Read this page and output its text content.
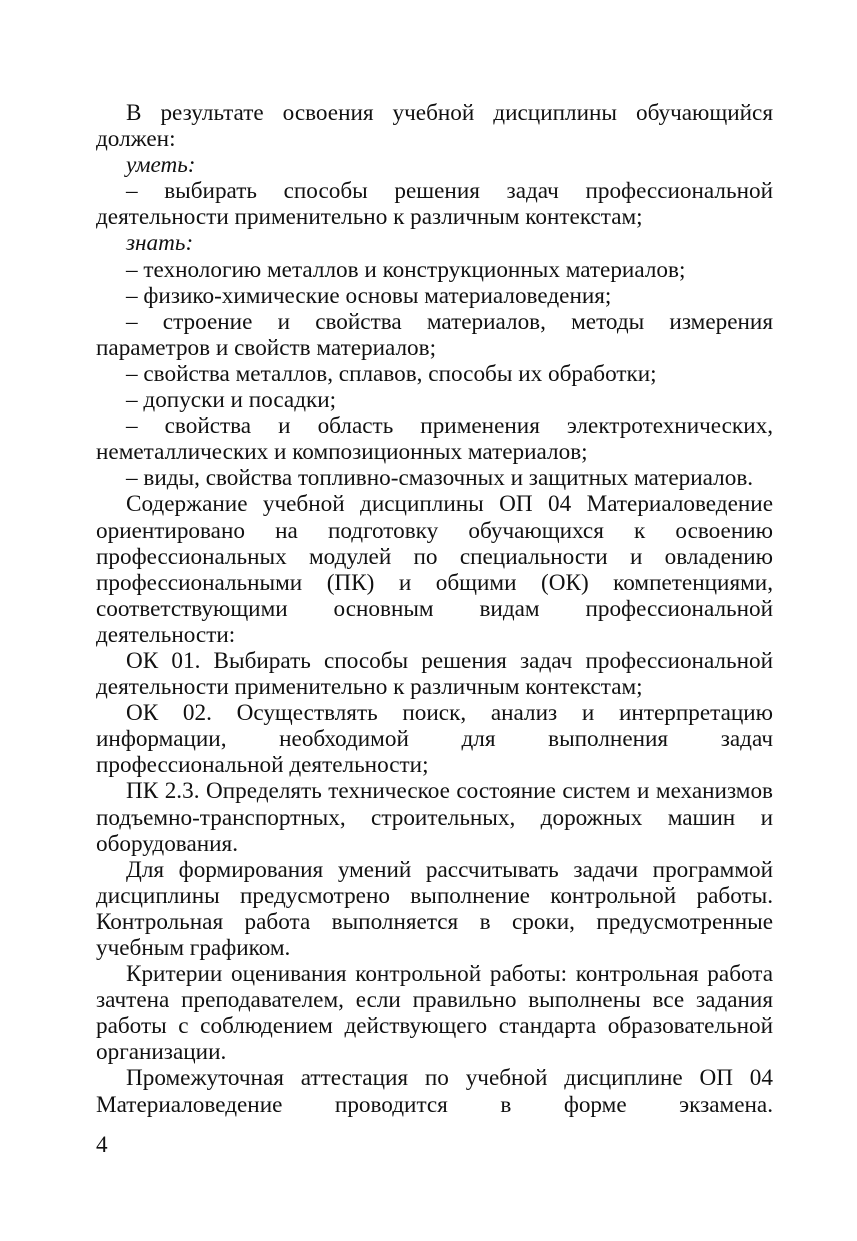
В результате освоения учебной дисциплины обучающийся должен:

уметь:

– выбирать способы решения задач профессиональной деятельности применительно к различным контекстам;

знать:

– технологию металлов и конструкционных материалов;

– физико-химические основы материаловедения;

– строение и свойства материалов, методы измерения параметров и свойств материалов;

– свойства металлов, сплавов, способы их обработки;

– допуски и посадки;

– свойства и область применения электротехнических, неметаллических и композиционных материалов;

– виды, свойства топливно-смазочных и защитных материалов.

Содержание учебной дисциплины ОП 04 Материаловедение ориентировано на подготовку обучающихся к освоению профессиональных модулей по специальности и овладению профессиональными (ПК) и общими (ОК) компетенциями, соответствующими основным видам профессиональной деятельности:

ОК 01. Выбирать способы решения задач профессиональной деятельности применительно к различным контекстам;

ОК 02. Осуществлять поиск, анализ и интерпретацию информации, необходимой для выполнения задач профессиональной деятельности;

ПК 2.3. Определять техническое состояние систем и механизмов подъемно-транспортных, строительных, дорожных машин и оборудования.

Для формирования умений рассчитывать задачи программой дисциплины предусмотрено выполнение контрольной работы. Контрольная работа выполняется в сроки, предусмотренные учебным графиком.

Критерии оценивания контрольной работы: контрольная работа зачтена преподавателем, если правильно выполнены все задания работы с соблюдением действующего стандарта образовательной организации.

Промежуточная аттестация по учебной дисциплине ОП 04 Материаловедение проводится в форме экзамена.

4
